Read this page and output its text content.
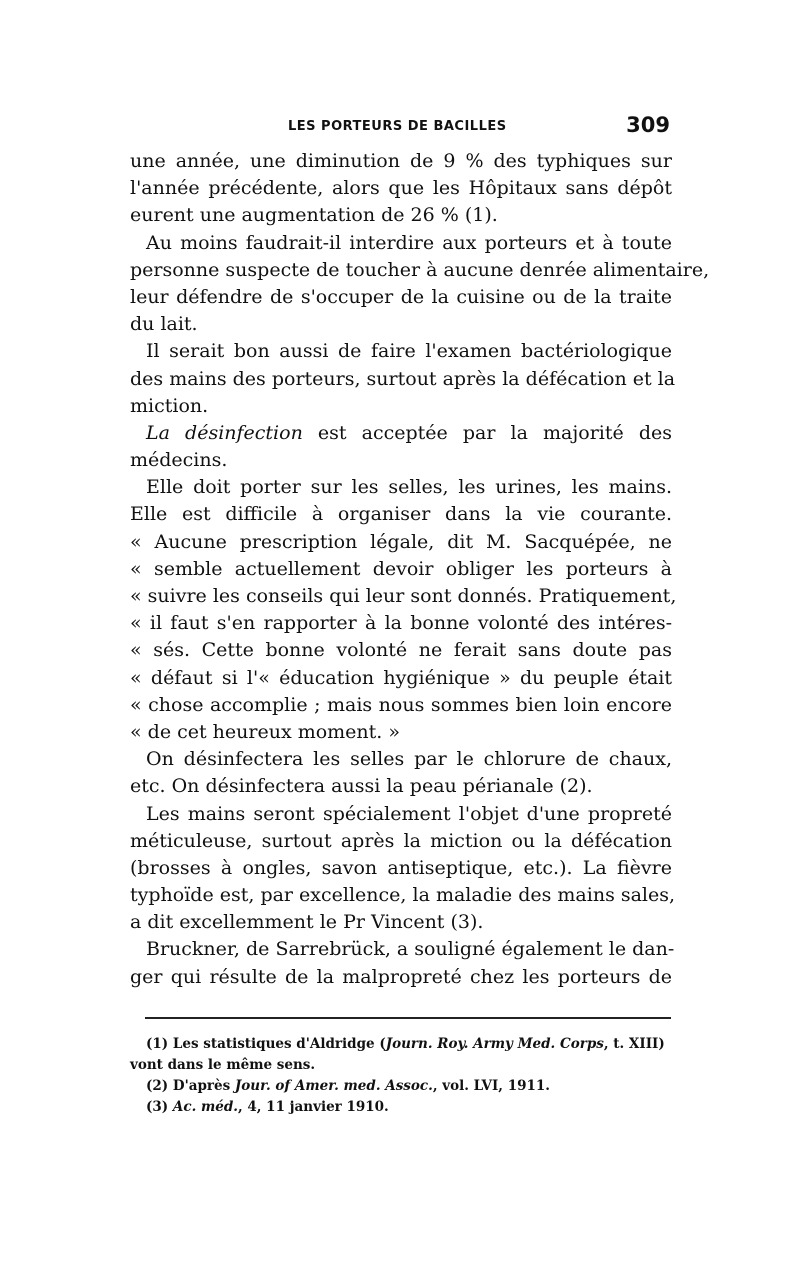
LES PORTEURS DE BACILLES	309
une année, une diminution de 9 % des typhiques sur
l'année précédente, alors que les Hôpitaux sans dépôt
eurent une augmentation de 26 % (1).
Au moins faudrait-il interdire aux porteurs et à toute
personne suspecte de toucher à aucune denrée alimentaire,
leur défendre de s'occuper de la cuisine ou de la traite
du lait.
Il serait bon aussi de faire l'examen bactériologique
des mains des porteurs, surtout après la défécation et la
miction.
La désinfection est acceptée par la majorité des
médecins.
Elle doit porter sur les selles, les urines, les mains.
Elle est difficile à organiser dans la vie courante.
« Aucune prescription légale, dit M. Sacquépée, ne
« semble actuellement devoir obliger les porteurs à
« suivre les conseils qui leur sont donnés. Pratiquement,
« il faut s'en rapporter à la bonne volonté des intéres-
« sés. Cette bonne volonté ne ferait sans doute pas
« défaut si l'« éducation hygiénique » du peuple était
« chose accomplie ; mais nous sommes bien loin encore
« de cet heureux moment. »
On désinfectera les selles par le chlorure de chaux,
etc. On désinfectera aussi la peau périanale (2).
Les mains seront spécialement l'objet d'une propreté
méticuleuse, surtout après la miction ou la défécation
(brosses à ongles, savon antiseptique, etc.). La fièvre
typhoïde est, par excellence, la maladie des mains sales,
a dit excellemment le Pr Vincent (3).
Bruckner, de Sarrebrück, a souligné également le dan-
ger qui résulte de la malpropreté chez les porteurs de
(1) Les statistiques d'Aldridge (Journ. Roy. Army Med. Corps, t. XIII)
vont dans le même sens.
(2) D'après Jour. of Amer. med. Assoc., vol. LVI, 1911.
(3) Ac. méd., 4, 11 janvier 1910.
